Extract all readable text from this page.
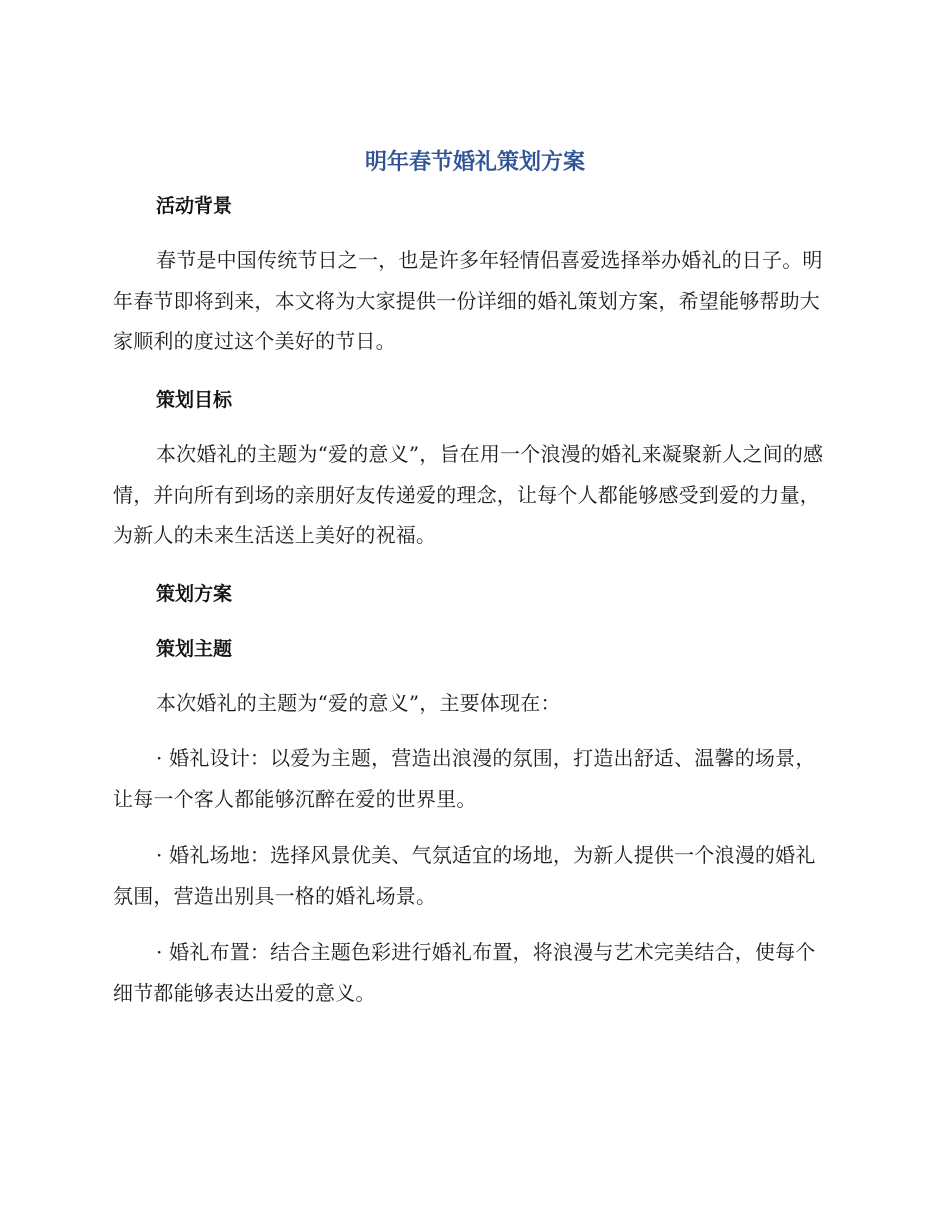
明年春节婚礼策划方案
活动背景

春节是中国传统节日之一，也是许多年轻情侣喜爱选择举办婚礼的日子。明年春节即将到来，本文将为大家提供一份详细的婚礼策划方案，希望能够帮助大家顺利的度过这个美好的节日。

策划目标

本次婚礼的主题为“爱的意义”，旨在用一个浪漫的婚礼来凝聚新人之间的感情，并向所有到场的亲朋好友传递爱的理念，让每个人都能够感受到爱的力量，为新人的未来生活送上美好的祝福。

策划方案
策划主题

本次婚礼的主题为“爱的意义”，主要体现在：

· 婚礼设计：以爱为主题，营造出浪漫的氛围，打造出舒适、温馨的场景，让每一个客人都能够沉醉在爱的世界里。

· 婚礼场地：选择风景优美、气氛适宜的场地，为新人提供一个浪漫的婚礼氛围，营造出别具一格的婚礼场景。

· 婚礼布置：结合主题色彩进行婚礼布置，将浪漫与艺术完美结合，使每个细节都能够表达出爱的意义。
